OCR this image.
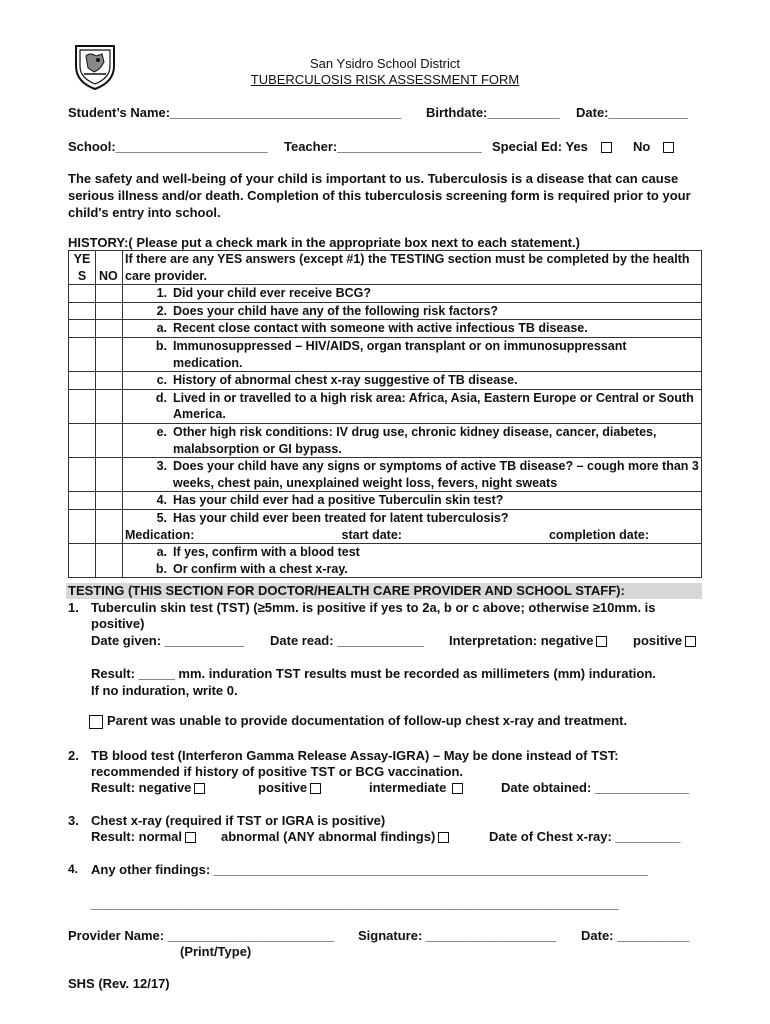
San Ysidro School District
TUBERCULOSIS RISK ASSESSMENT FORM
Student’s Name:________________________________ Birthdate:__________ Date:___________
School:_____________________ Teacher:____________________ Special Ed: Yes	No

The safety and well-being of your child is important to us. Tuberculosis is a disease that can cause serious illness and/or death. Completion of this tuberculosis screening form is required prior to your child's entry into school.

HISTORY:( Please put a check mark in the appropriate box next to each statement.)
YE S	NO	If there are any YES answers (except #1) the TESTING section must be completed by the health care provider.

		1. Did your child ever receive BCG?

		2. Does your child have any of the following risk factors?

		a. Recent close contact with someone with active infectious TB disease.

		b. Immunosuppressed – HIV/AIDS, organ transplant or on immunosuppressant medication.

		c. History of abnormal chest x-ray suggestive of TB disease.

		d. Lived in or travelled to a high risk area: Africa, Asia, Eastern Europe or Central or South America.

		e. Other high risk conditions: IV drug use, chronic kidney disease, cancer, diabetes, malabsorption or GI bypass.

		3. Does your child have any signs or symptoms of active TB disease? – cough more than 3 weeks, chest pain, unexplained weight loss, fevers, night sweats

		4. Has your child ever had a positive Tuberculin skin test?

		5. Has your child ever been treated for latent tuberculosis?
Medication: start date: completion date:

		a. If yes, confirm with a blood test
b. Or confirm with a chest x-ray.
TESTING (THIS SECTION FOR DOCTOR/HEALTH CARE PROVIDER AND SCHOOL STAFF):
1. Tuberculin skin test (TST) (≥5mm. is positive if yes to 2a, b or c above; otherwise ≥10mm. is
positive)
Date given: ___________ Date read: ____________ Interpretation: negative	positive
Result: _____ mm. induration TST results must be recorded as millimeters (mm) induration.
If no induration, write 0.
Parent was unable to provide documentation of follow-up chest x-ray and treatment.
2. TB blood test (Interferon Gamma Release Assay-IGRA) – May be done instead of TST:
recommended if history of positive TST or BCG vaccination.
Result: negative	positive	intermediate	Date obtained: _____________
3. Chest x-ray (required if TST or IGRA is positive)
Result: normal	abnormal (ANY abnormal findings)	Date of Chest x-ray: _________
4. Any other findings: ____________________________________________________________
_________________________________________________________________________
Provider Name: _______________________ Signature: __________________ Date: __________
(Print/Type)
SHS (Rev. 12/17)
